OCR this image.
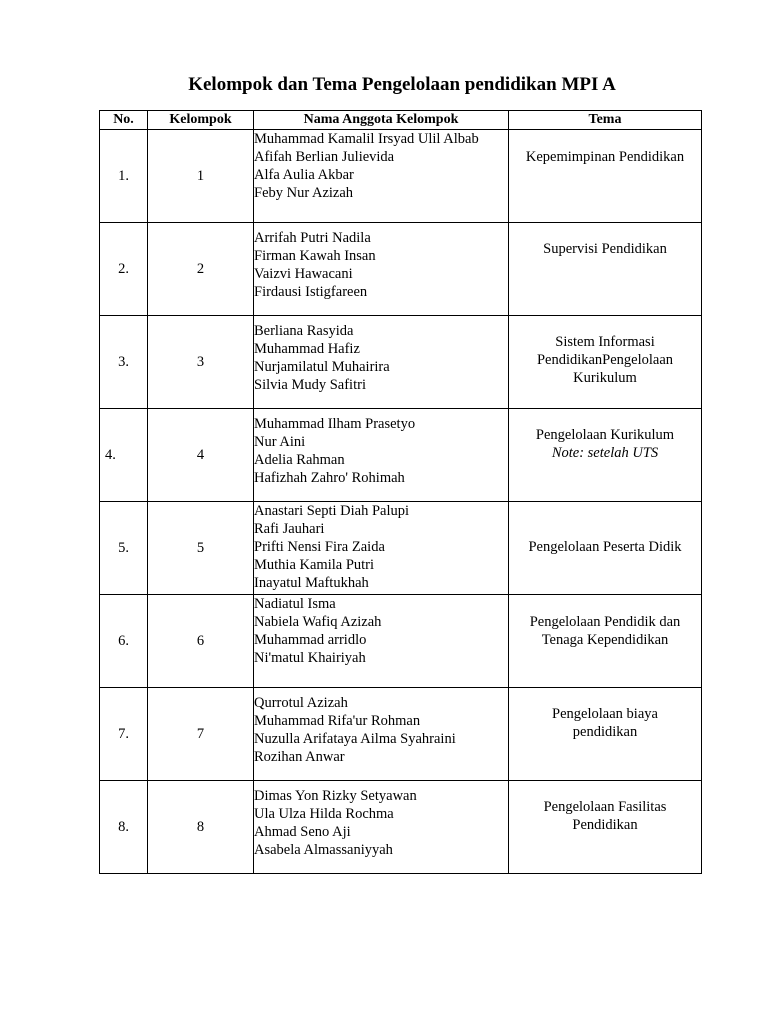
Kelompok dan Tema Pengelolaan pendidikan MPI A
No.	Kelompok	Nama Anggota Kelompok	Tema
1.	1	Muhammad Kamalil Irsyad Ulil Albab
Afifah Berlian Julievida
Alfa Aulia Akbar
Feby Nur Azizah	Kepemimpinan Pendidikan

2.	2	Arrifah Putri Nadila
Firman Kawah Insan
Vaizvi Hawacani
Firdausi Istigfareen	Supervisi Pendidikan

3.	3	Berliana Rasyida
Muhammad Hafiz
Nurjamilatul Muhairira
Silvia Mudy Safitri	Sistem Informasi
PendidikanPengelolaan
Kurikulum

4.	4	Muhammad Ilham Prasetyo
Nur Aini
Adelia Rahman
Hafizhah Zahro' Rohimah	Pengelolaan Kurikulum
Note: setelah UTS

5.	5	Anastari Septi Diah Palupi
Rafi Jauhari
Prifti Nensi Fira Zaida
Muthia Kamila Putri
Inayatul Maftukhah	Pengelolaan Peserta Didik

6.	6	Nadiatul Isma
Nabiela Wafiq Azizah
Muhammad arridlo
Ni'matul Khairiyah	Pengelolaan Pendidik dan
Tenaga Kependidikan

7.	7	Qurrotul Azizah
Muhammad Rifa'ur Rohman
Nuzulla Arifataya Ailma Syahraini
Rozihan Anwar	Pengelolaan biaya
pendidikan

8.	8	Dimas Yon Rizky Setyawan
Ula Ulza Hilda Rochma
Ahmad Seno Aji
Asabela Almassaniyyah	Pengelolaan Fasilitas
Pendidikan
